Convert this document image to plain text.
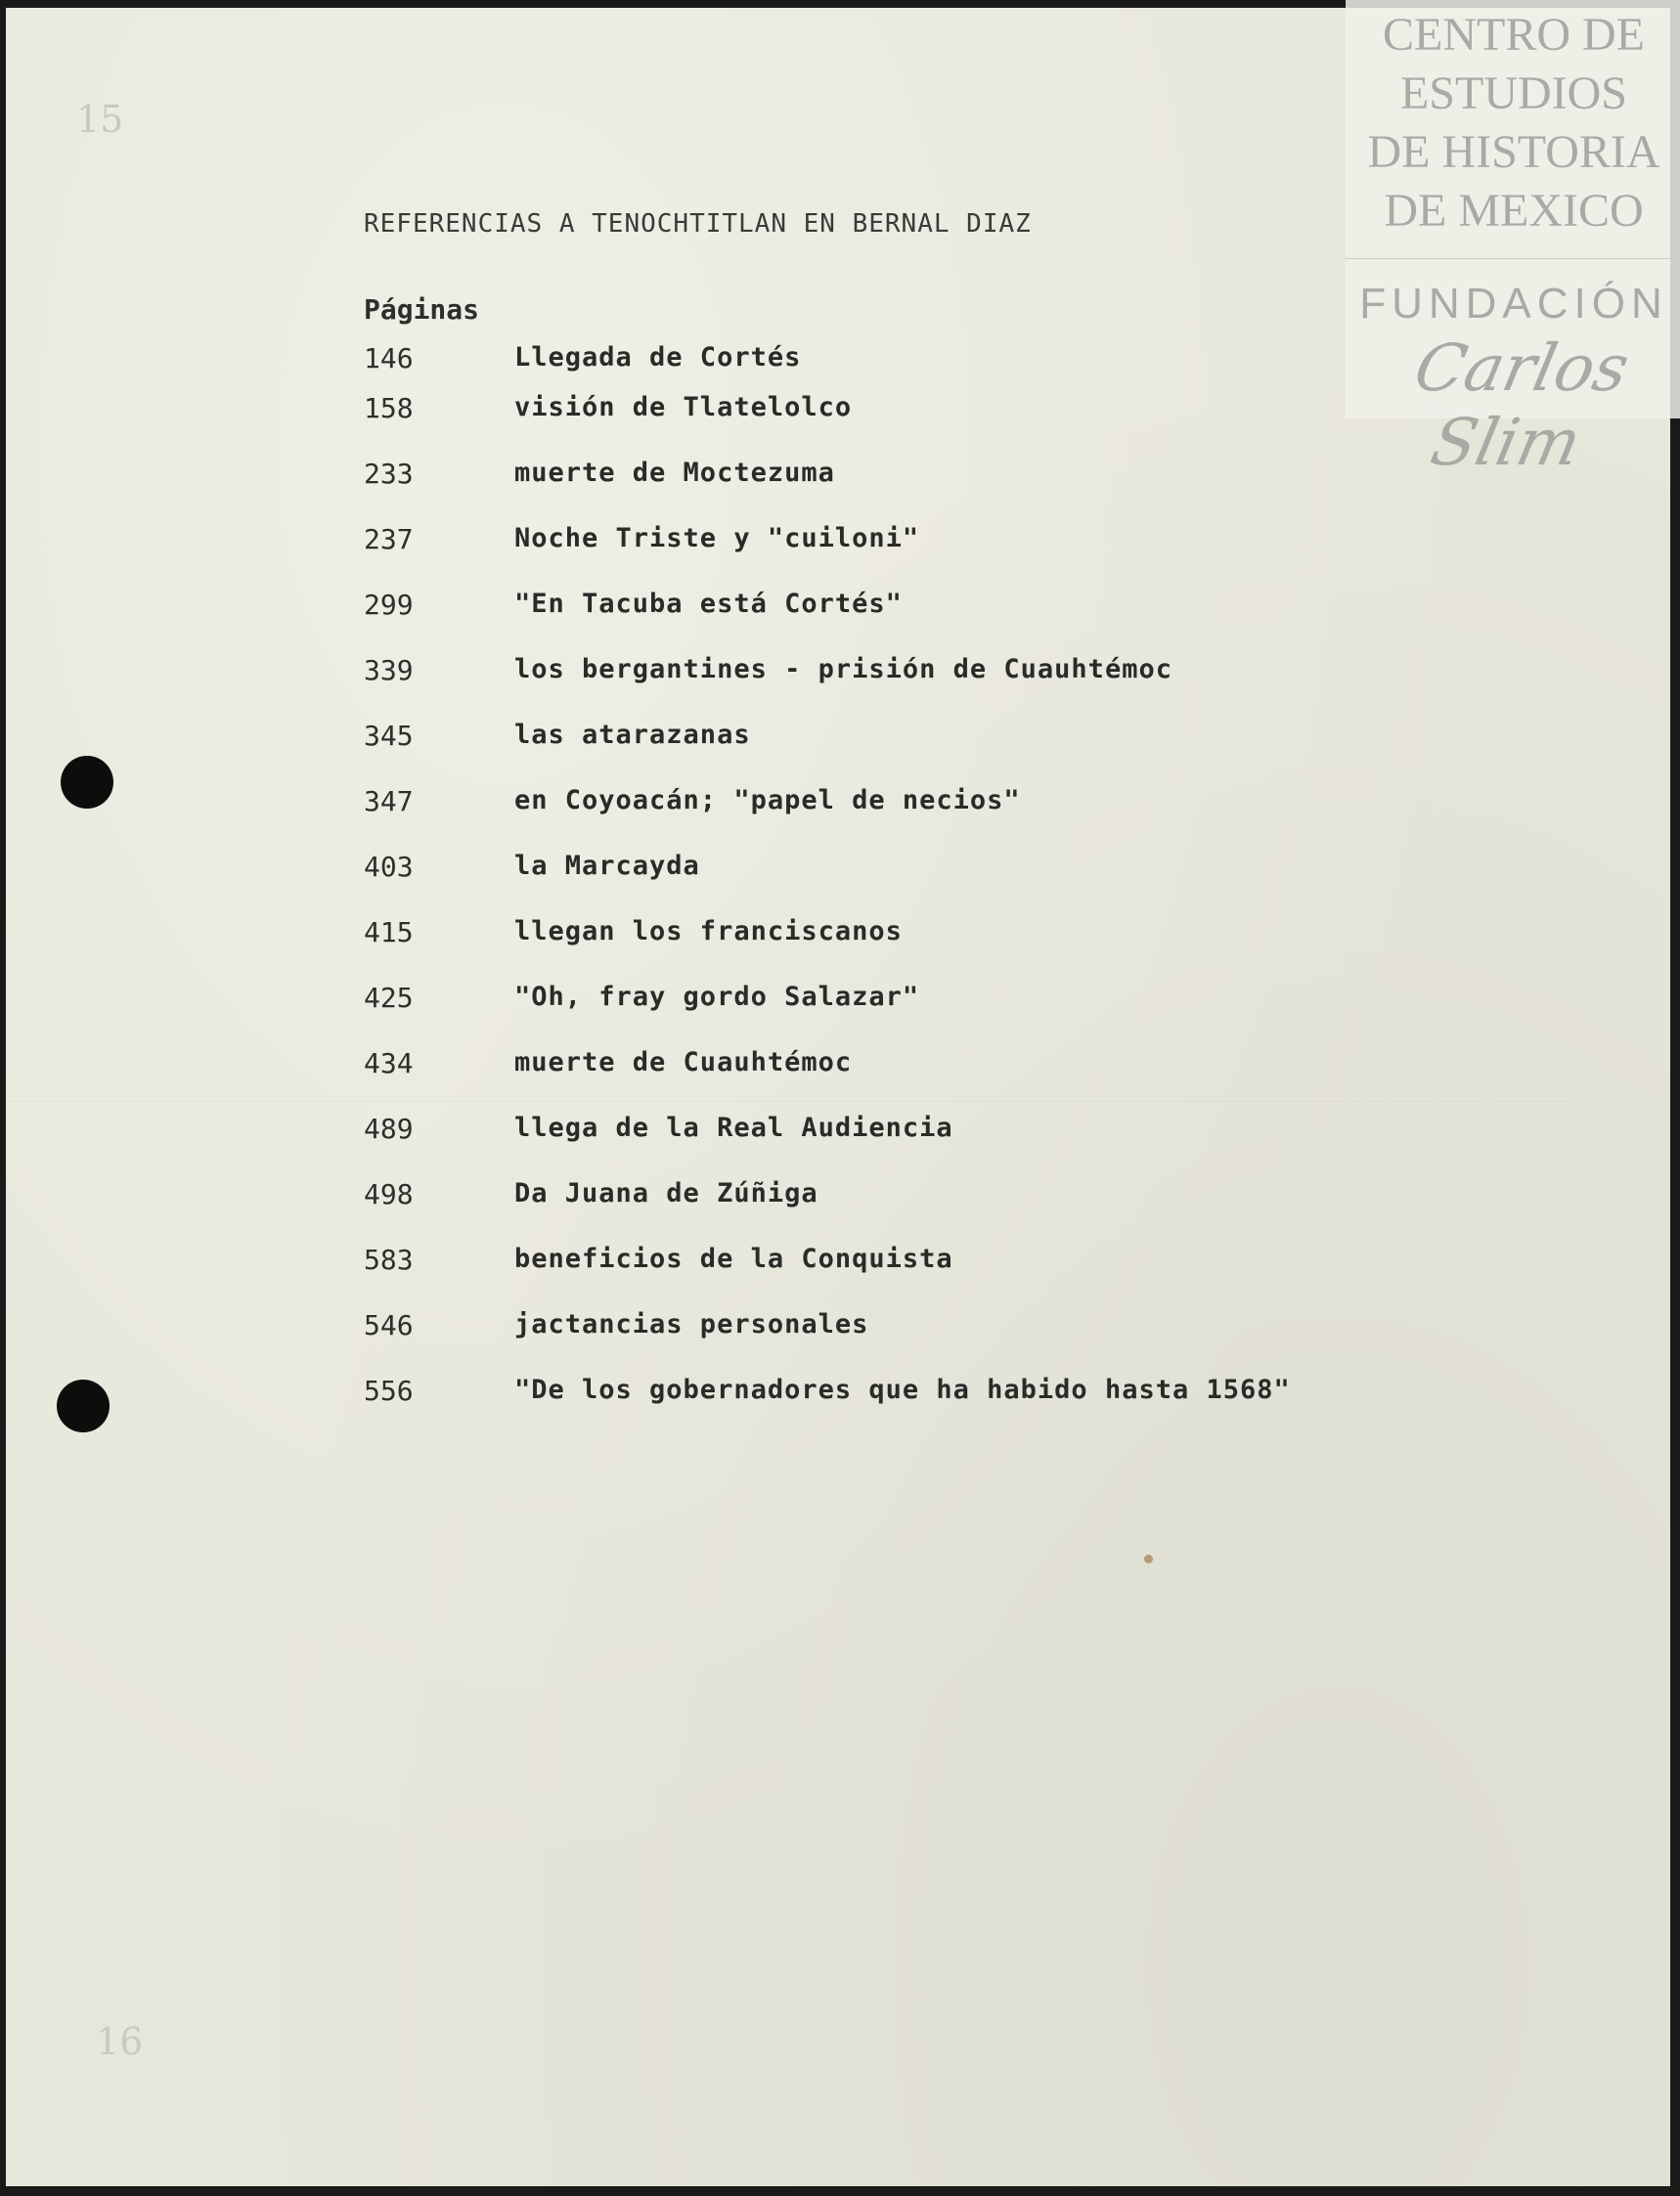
15
16
CENTRO DE
ESTUDIOS
DE HISTORIA
DE MEXICO
FUNDACIÓN
Carlos Slim
REFERENCIAS A TENOCHTITLAN EN BERNAL DIAZ
Páginas
146	Llegada de Cortés
158	visión de Tlatelolco
233	muerte de Moctezuma
237	Noche Triste y "cuiloni"
299	"En Tacuba está Cortés"
339	los bergantines - prisión de Cuauhtémoc
345	las atarazanas
347	en Coyoacán; "papel de necios"
403	la Marcayda
415	llegan los franciscanos
425	"Oh, fray gordo Salazar"
434	muerte de Cuauhtémoc
489	llega de la Real Audiencia
498	Da Juana de Zúñiga
583	beneficios de la Conquista
546	jactancias personales
556	"De los gobernadores que ha habido hasta 1568"
